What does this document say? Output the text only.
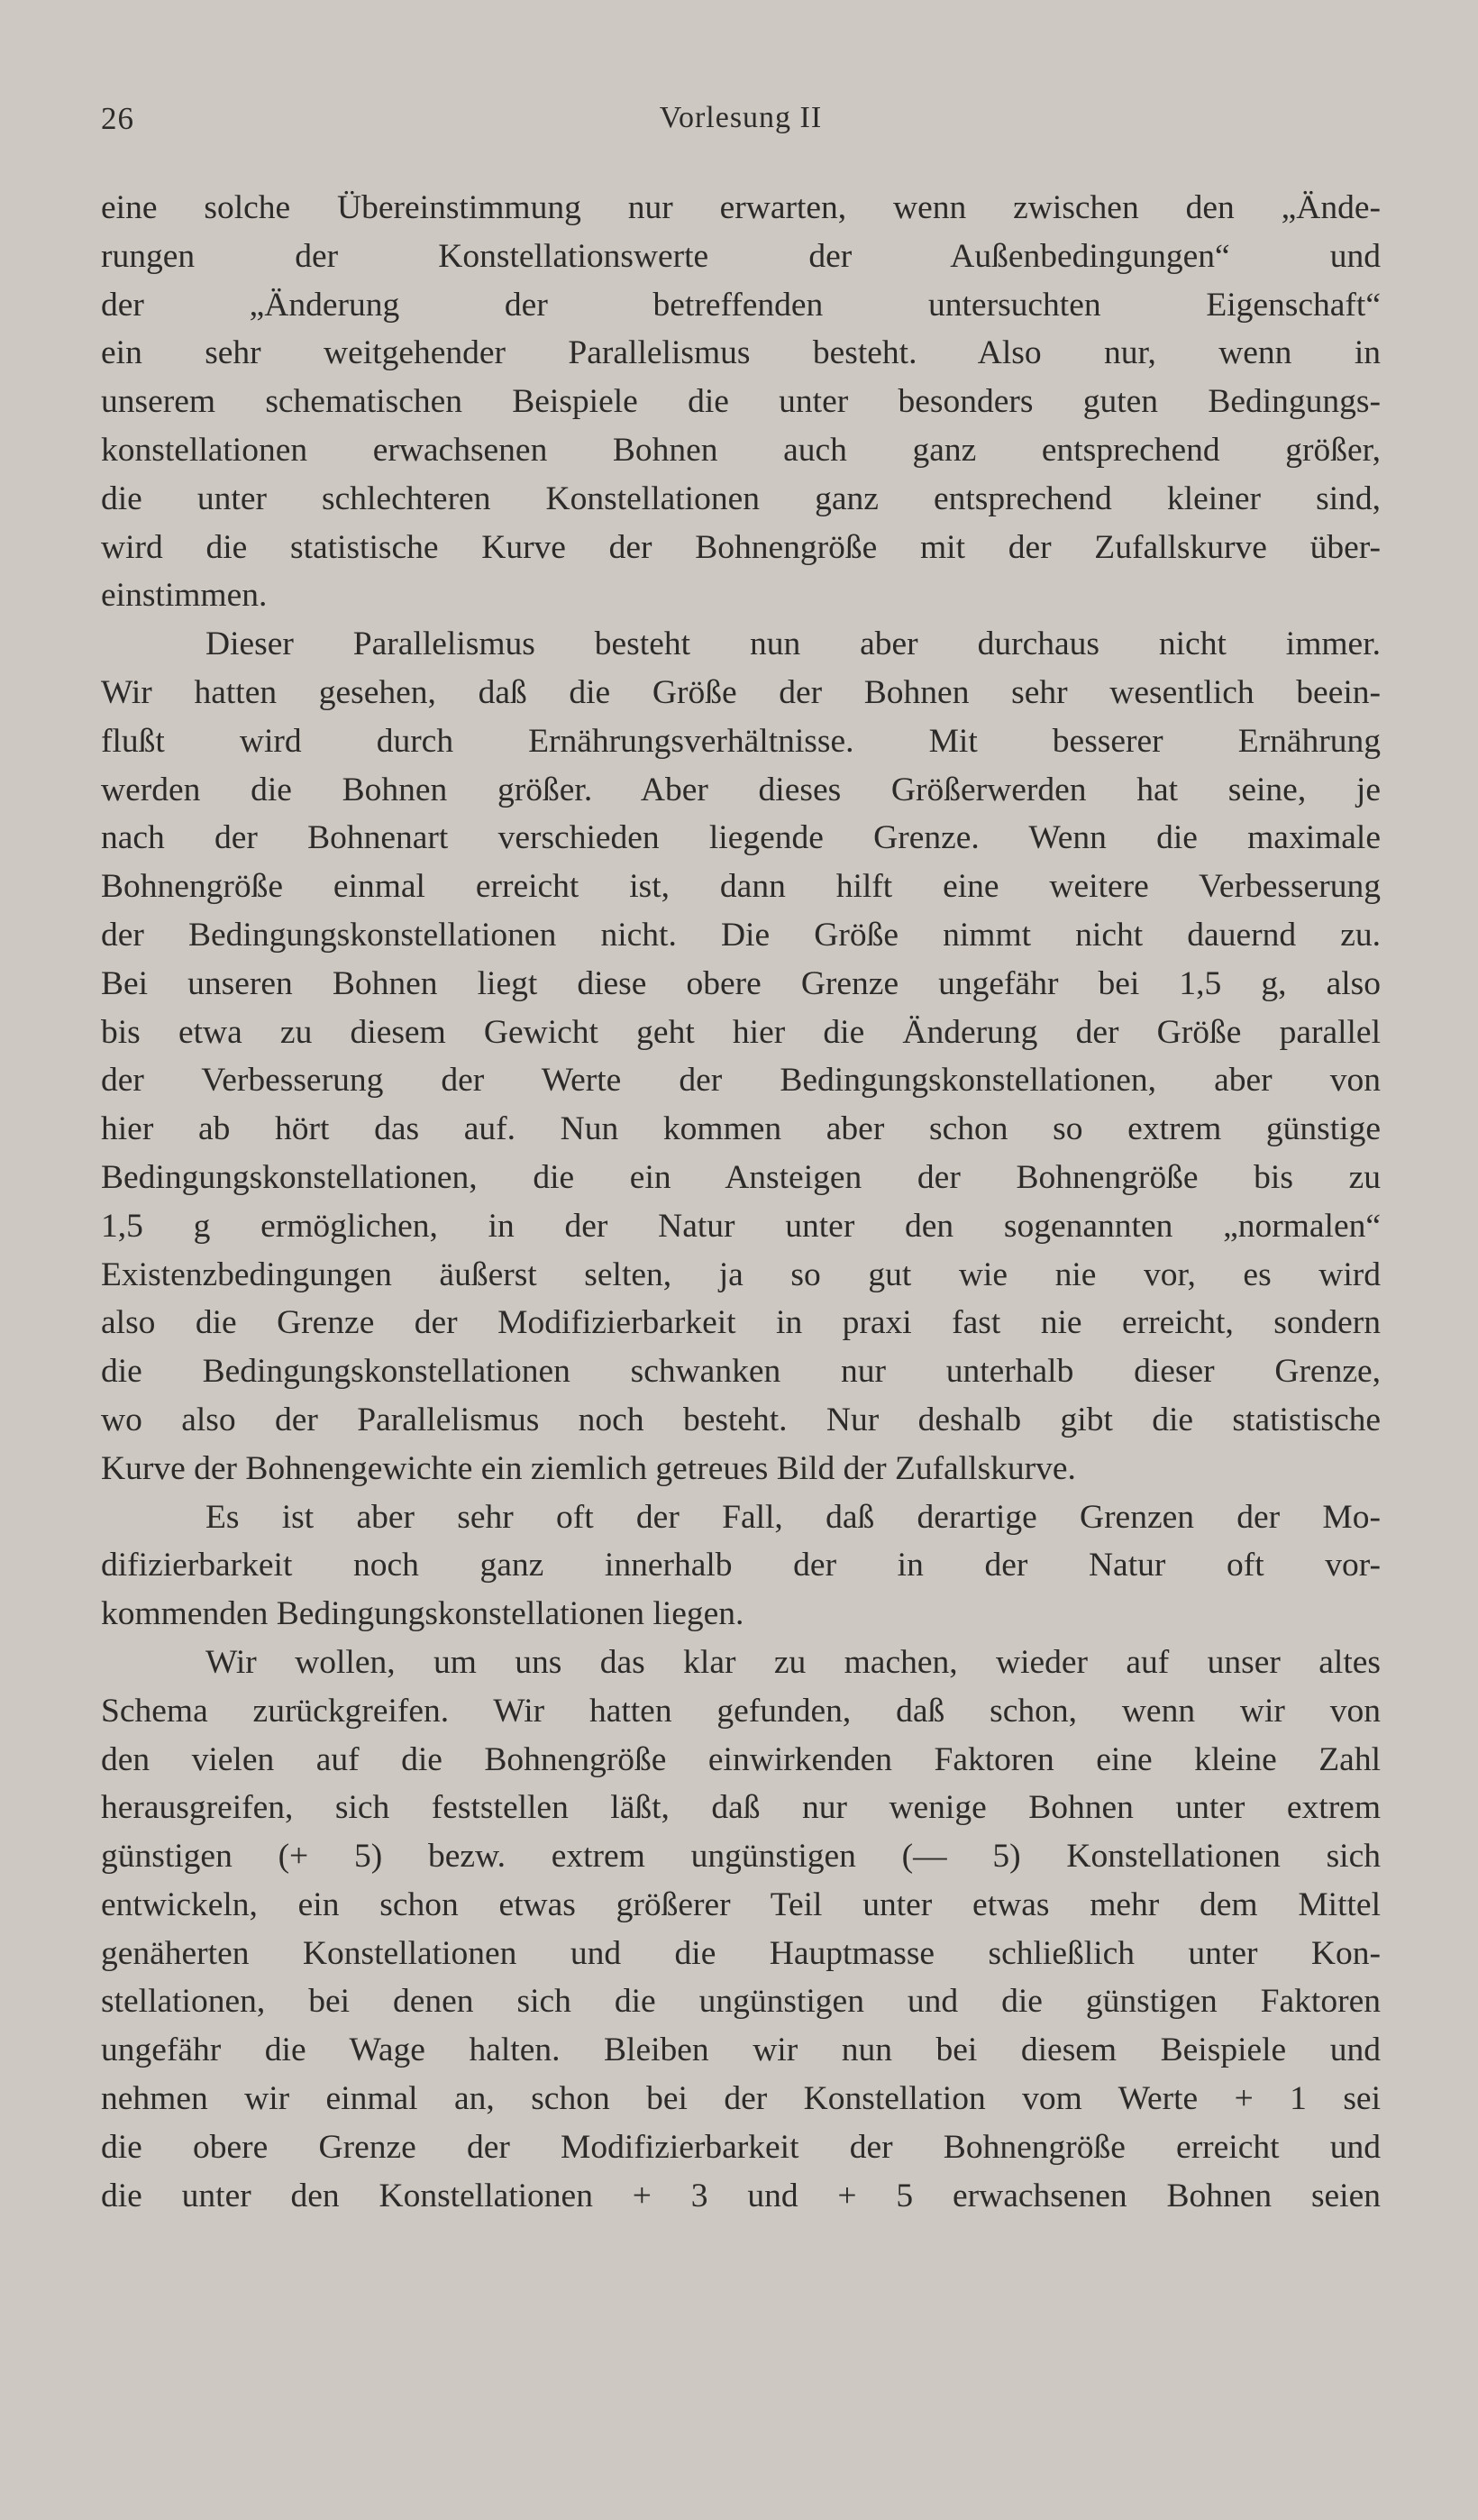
26	Vorlesung II
eine solche Übereinstimmung nur erwarten, wenn zwischen den „Ände-
rungen der Konstellationswerte der Außenbedingungen“ und
der „Änderung der betreffenden untersuchten Eigenschaft“
ein sehr weitgehender Parallelismus besteht. Also nur, wenn in
unserem schematischen Beispiele die unter besonders guten Bedingungs-
konstellationen erwachsenen Bohnen auch ganz entsprechend größer,
die unter schlechteren Konstellationen ganz entsprechend kleiner sind,
wird die statistische Kurve der Bohnengröße mit der Zufallskurve über-
einstimmen.
Dieser Parallelismus besteht nun aber durchaus nicht immer.
Wir hatten gesehen, daß die Größe der Bohnen sehr wesentlich beein-
flußt wird durch Ernährungsverhältnisse. Mit besserer Ernährung
werden die Bohnen größer. Aber dieses Größerwerden hat seine, je
nach der Bohnenart verschieden liegende Grenze. Wenn die maximale
Bohnengröße einmal erreicht ist, dann hilft eine weitere Verbesserung
der Bedingungskonstellationen nicht. Die Größe nimmt nicht dauernd zu.
Bei unseren Bohnen liegt diese obere Grenze ungefähr bei 1,5 g, also
bis etwa zu diesem Gewicht geht hier die Änderung der Größe parallel
der Verbesserung der Werte der Bedingungskonstellationen, aber von
hier ab hört das auf. Nun kommen aber schon so extrem günstige
Bedingungskonstellationen, die ein Ansteigen der Bohnengröße bis zu
1,5 g ermöglichen, in der Natur unter den sogenannten „normalen“
Existenzbedingungen äußerst selten, ja so gut wie nie vor, es wird
also die Grenze der Modifizierbarkeit in praxi fast nie erreicht, sondern
die Bedingungskonstellationen schwanken nur unterhalb dieser Grenze,
wo also der Parallelismus noch besteht. Nur deshalb gibt die statistische
Kurve der Bohnengewichte ein ziemlich getreues Bild der Zufallskurve.
Es ist aber sehr oft der Fall, daß derartige Grenzen der Mo-
difizierbarkeit noch ganz innerhalb der in der Natur oft vor-
kommenden Bedingungskonstellationen liegen.
Wir wollen, um uns das klar zu machen, wieder auf unser altes
Schema zurückgreifen. Wir hatten gefunden, daß schon, wenn wir von
den vielen auf die Bohnengröße einwirkenden Faktoren eine kleine Zahl
herausgreifen, sich feststellen läßt, daß nur wenige Bohnen unter extrem
günstigen (+ 5) bezw. extrem ungünstigen (— 5) Konstellationen sich
entwickeln, ein schon etwas größerer Teil unter etwas mehr dem Mittel
genäherten Konstellationen und die Hauptmasse schließlich unter Kon-
stellationen, bei denen sich die ungünstigen und die günstigen Faktoren
ungefähr die Wage halten. Bleiben wir nun bei diesem Beispiele und
nehmen wir einmal an, schon bei der Konstellation vom Werte + 1 sei
die obere Grenze der Modifizierbarkeit der Bohnengröße erreicht und
die unter den Konstellationen + 3 und + 5 erwachsenen Bohnen seien
